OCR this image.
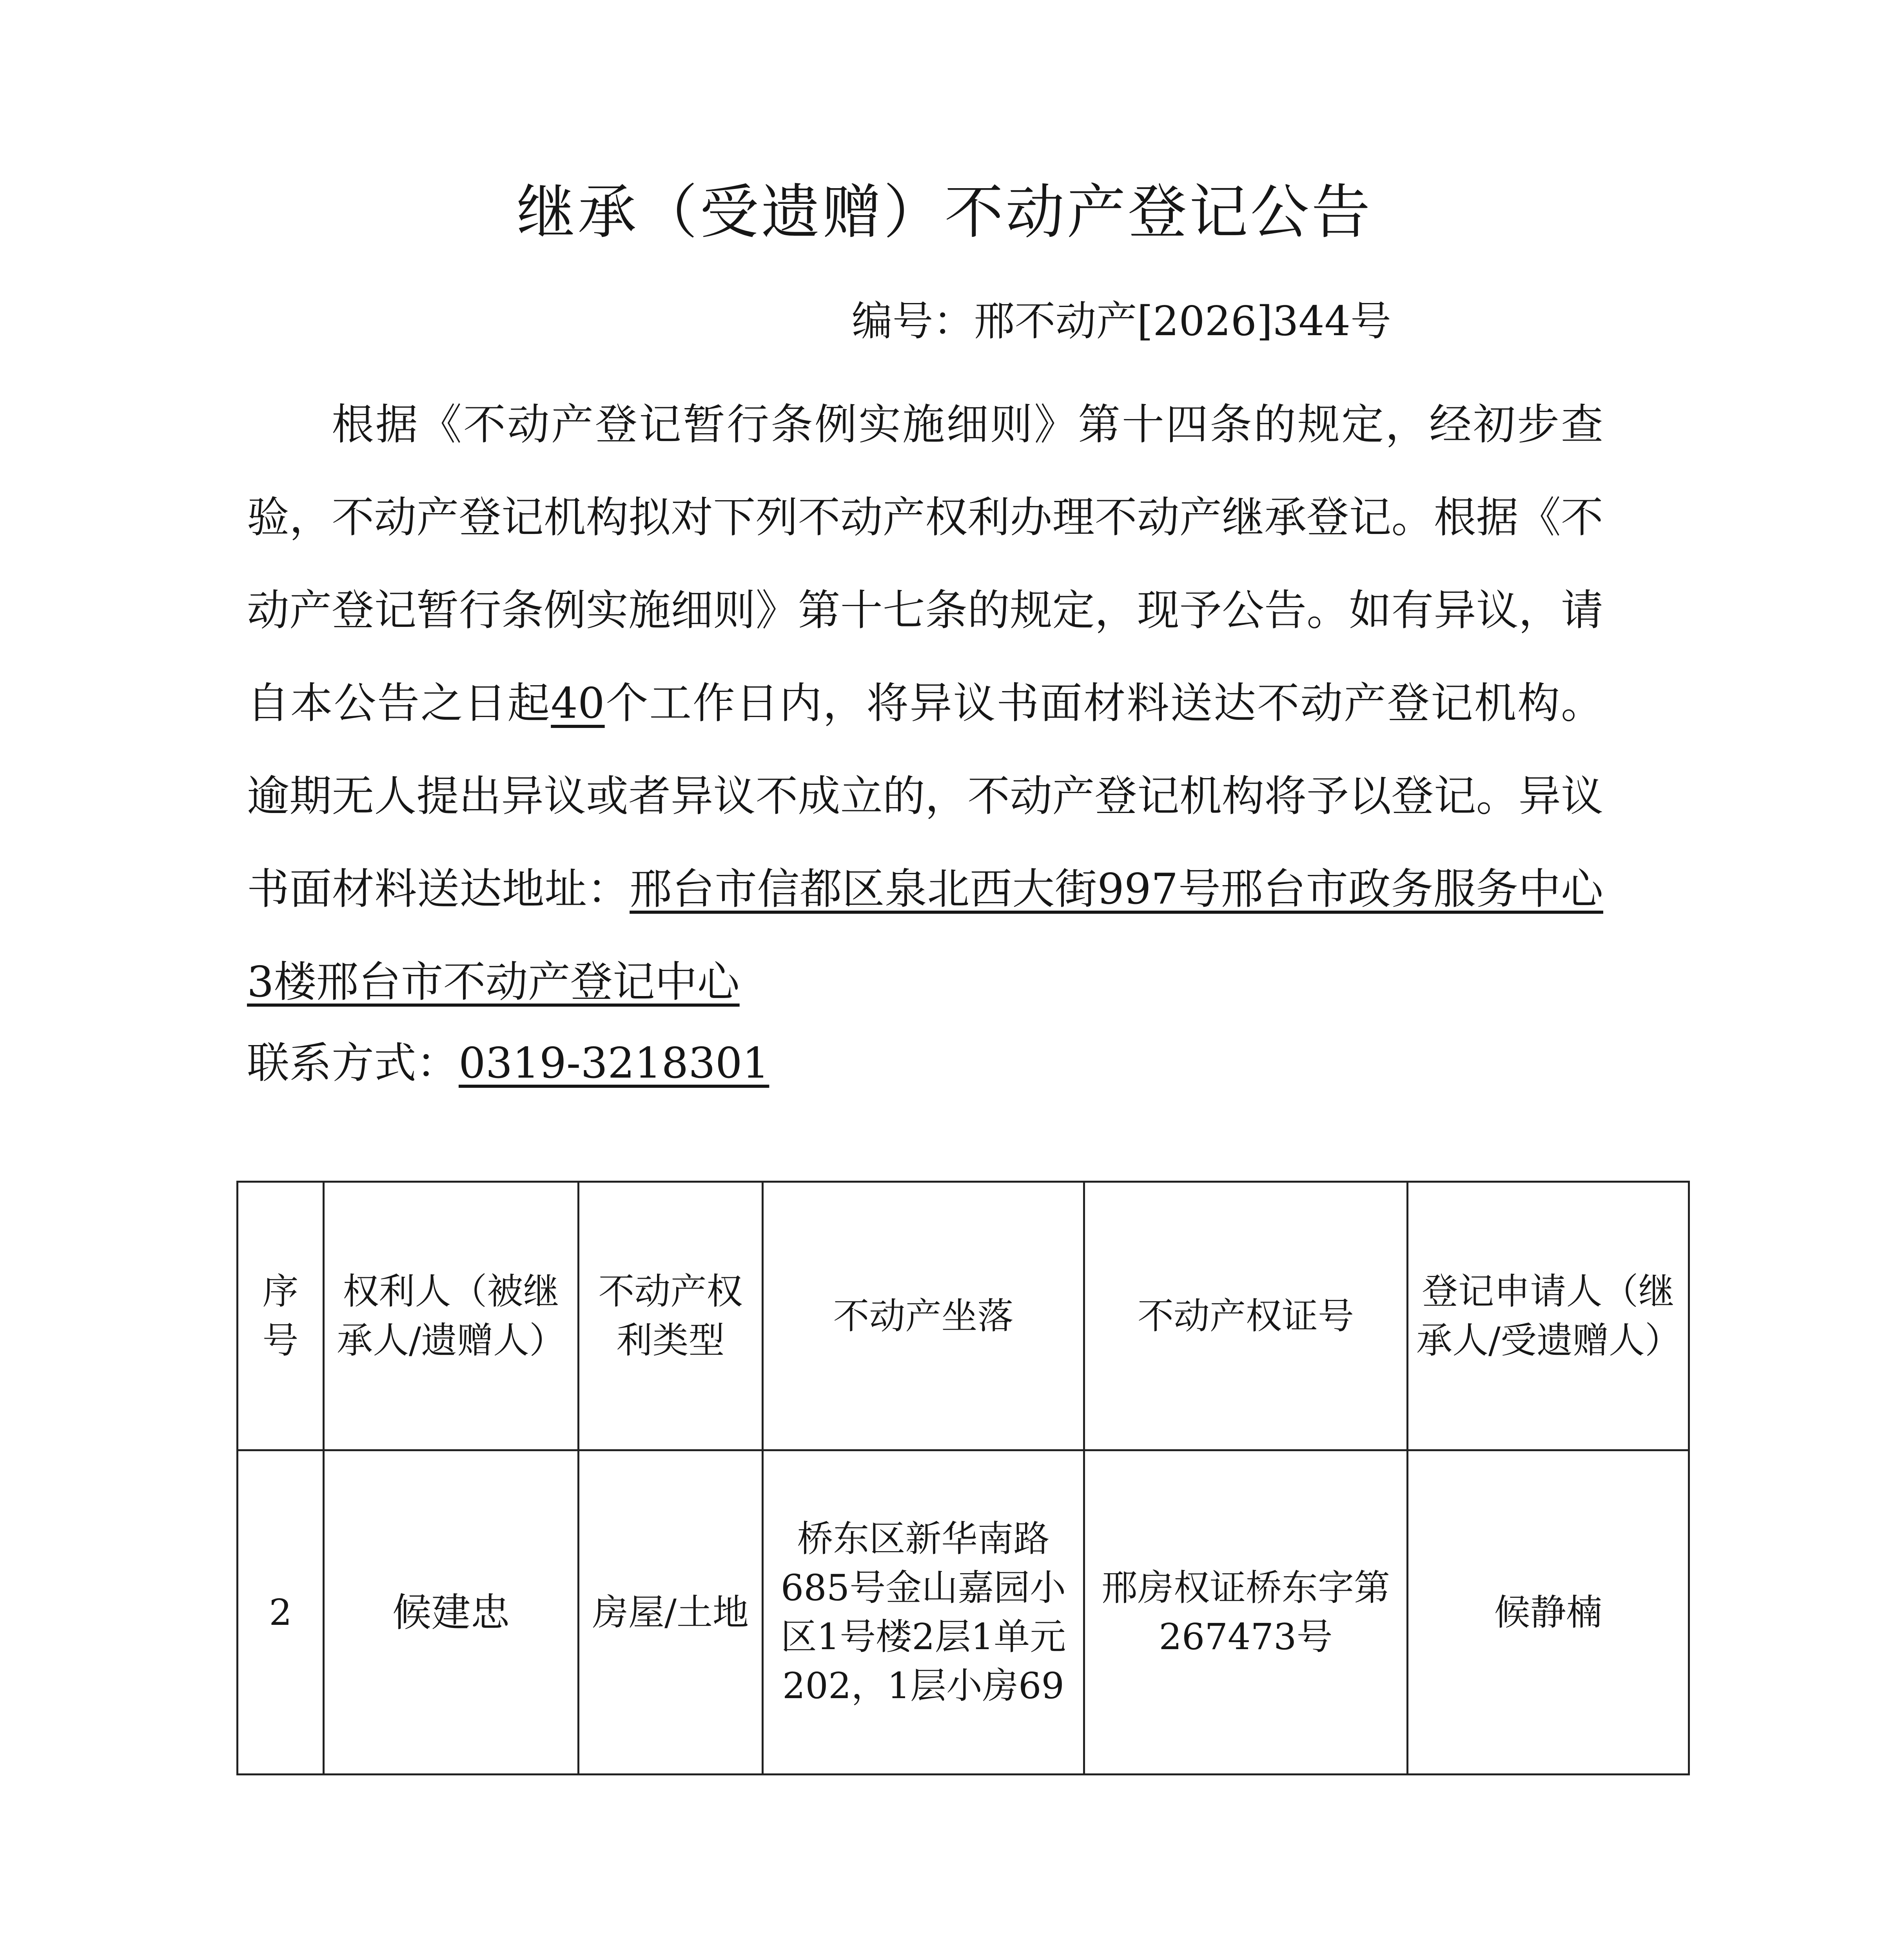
继承（受遗赠）不动产登记公告
编号：邢不动产[2026]344号

根据《不动产登记暂行条例实施细则》第十四条的规定，经初步查验，不动产登记机构拟对下列不动产权利办理不动产继承登记。根据《不动产登记暂行条例实施细则》第十七条的规定，现予公告。如有异议，请自本公告之日起40个工作日内，将异议书面材料送达不动产登记机构。逾期无人提出异议或者异议不成立的，不动产登记机构将予以登记。异议书面材料送达地址：邢台市信都区泉北西大街997号邢台市政务服务中心3楼邢台市不动产登记中心

联系方式：0319-3218301
序号	权利人（被继承人/遗赠人）	不动产权利类型	不动产坐落	不动产权证号	登记申请人（继承人/受遗赠人）
2	候建忠	房屋/土地	桥东区新华南路685号金山嘉园小区1号楼2层1单元202，1层小房69	邢房权证桥东字第267473号	候静楠
